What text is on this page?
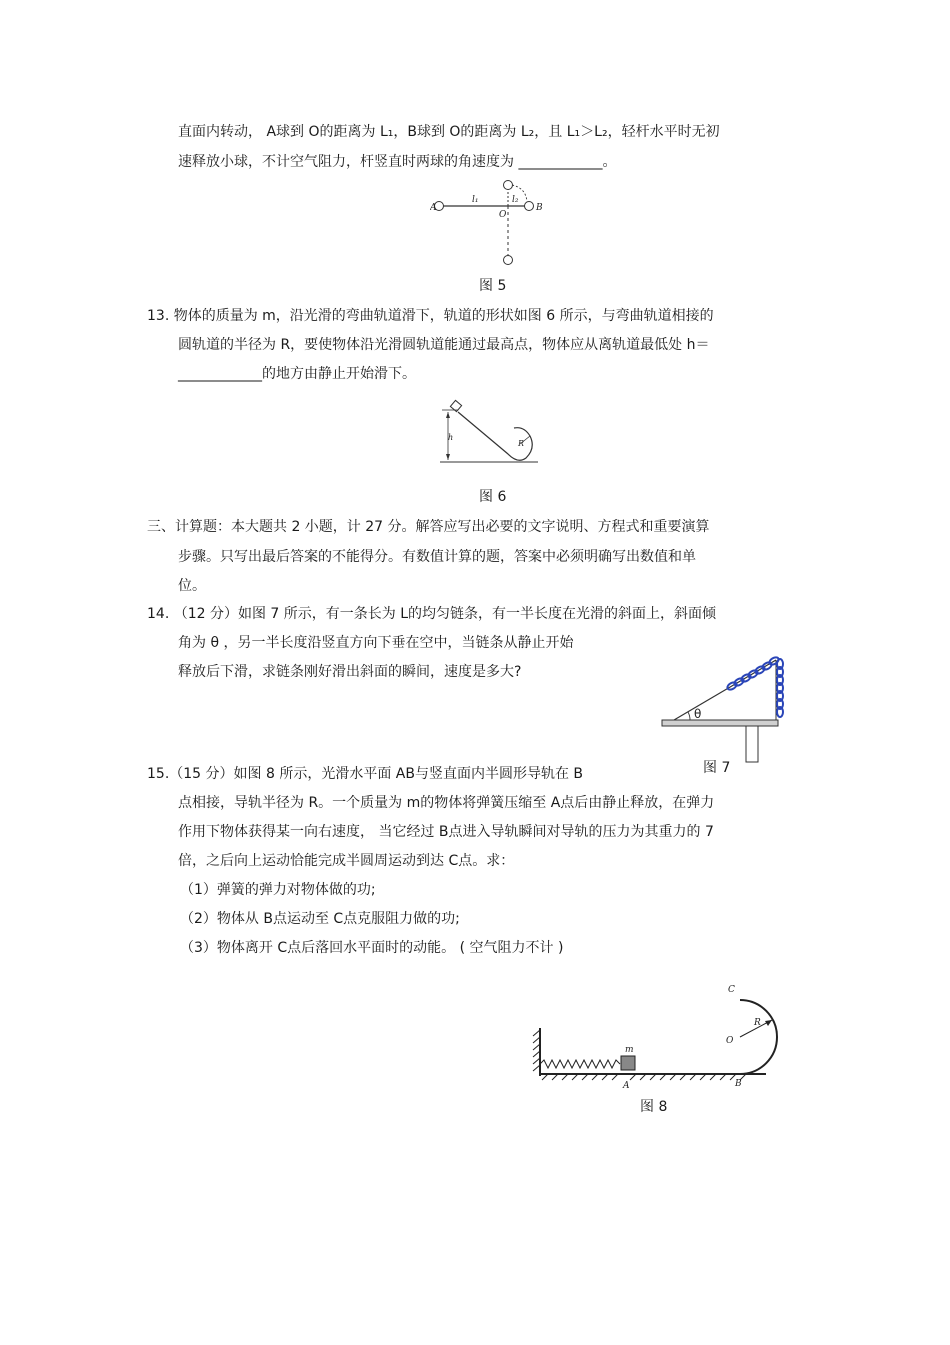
直面内转动， A球到 O的距离为 L₁，B球到 O的距离为 L₂，且 L₁＞L₂，轻杆水平时无初
速释放小球，不计空气阻力，杆竖直时两球的角速度为 ____________。
A	B
O
l₁	l₂
图 5
13. 物体的质量为 m，沿光滑的弯曲轨道滑下，轨道的形状如图 6 所示，与弯曲轨道相接的
圆轨道的半径为 R，要使物体沿光滑圆轨道能通过最高点，物体应从离轨道最低处 h＝
____________的地方由静止开始滑下。
h
R
图 6
三、计算题：本大题共 2 小题，计 27 分。解答应写出必要的文字说明、方程式和重要演算
步骤。只写出最后答案的不能得分。有数值计算的题，答案中必须明确写出数值和单
位。
14. （12 分）如图 7 所示，有一条长为 L的均匀链条，有一半长度在光滑的斜面上，斜面倾
角为 θ ，另一半长度沿竖直方向下垂在空中，当链条从静止开始
释放后下滑，求链条刚好滑出斜面的瞬间，速度是多大?
θ
图 7
15.（15 分）如图 8 所示，光滑水平面 AB与竖直面内半圆形导轨在 B
点相接，导轨半径为 R。一个质量为 m的物体将弹簧压缩至 A点后由静止释放，在弹力
作用下物体获得某一向右速度， 当它经过 B点进入导轨瞬间对导轨的压力为其重力的 7
倍，之后向上运动恰能完成半圆周运动到达 C点。求：
（1）弹簧的弹力对物体做的功;
（2）物体从 B点运动至 C点克服阻力做的功;
（3）物体离开 C点后落回水平面时的动能。 ( 空气阻力不计 )
m
A
R
O
C
B
图 8
